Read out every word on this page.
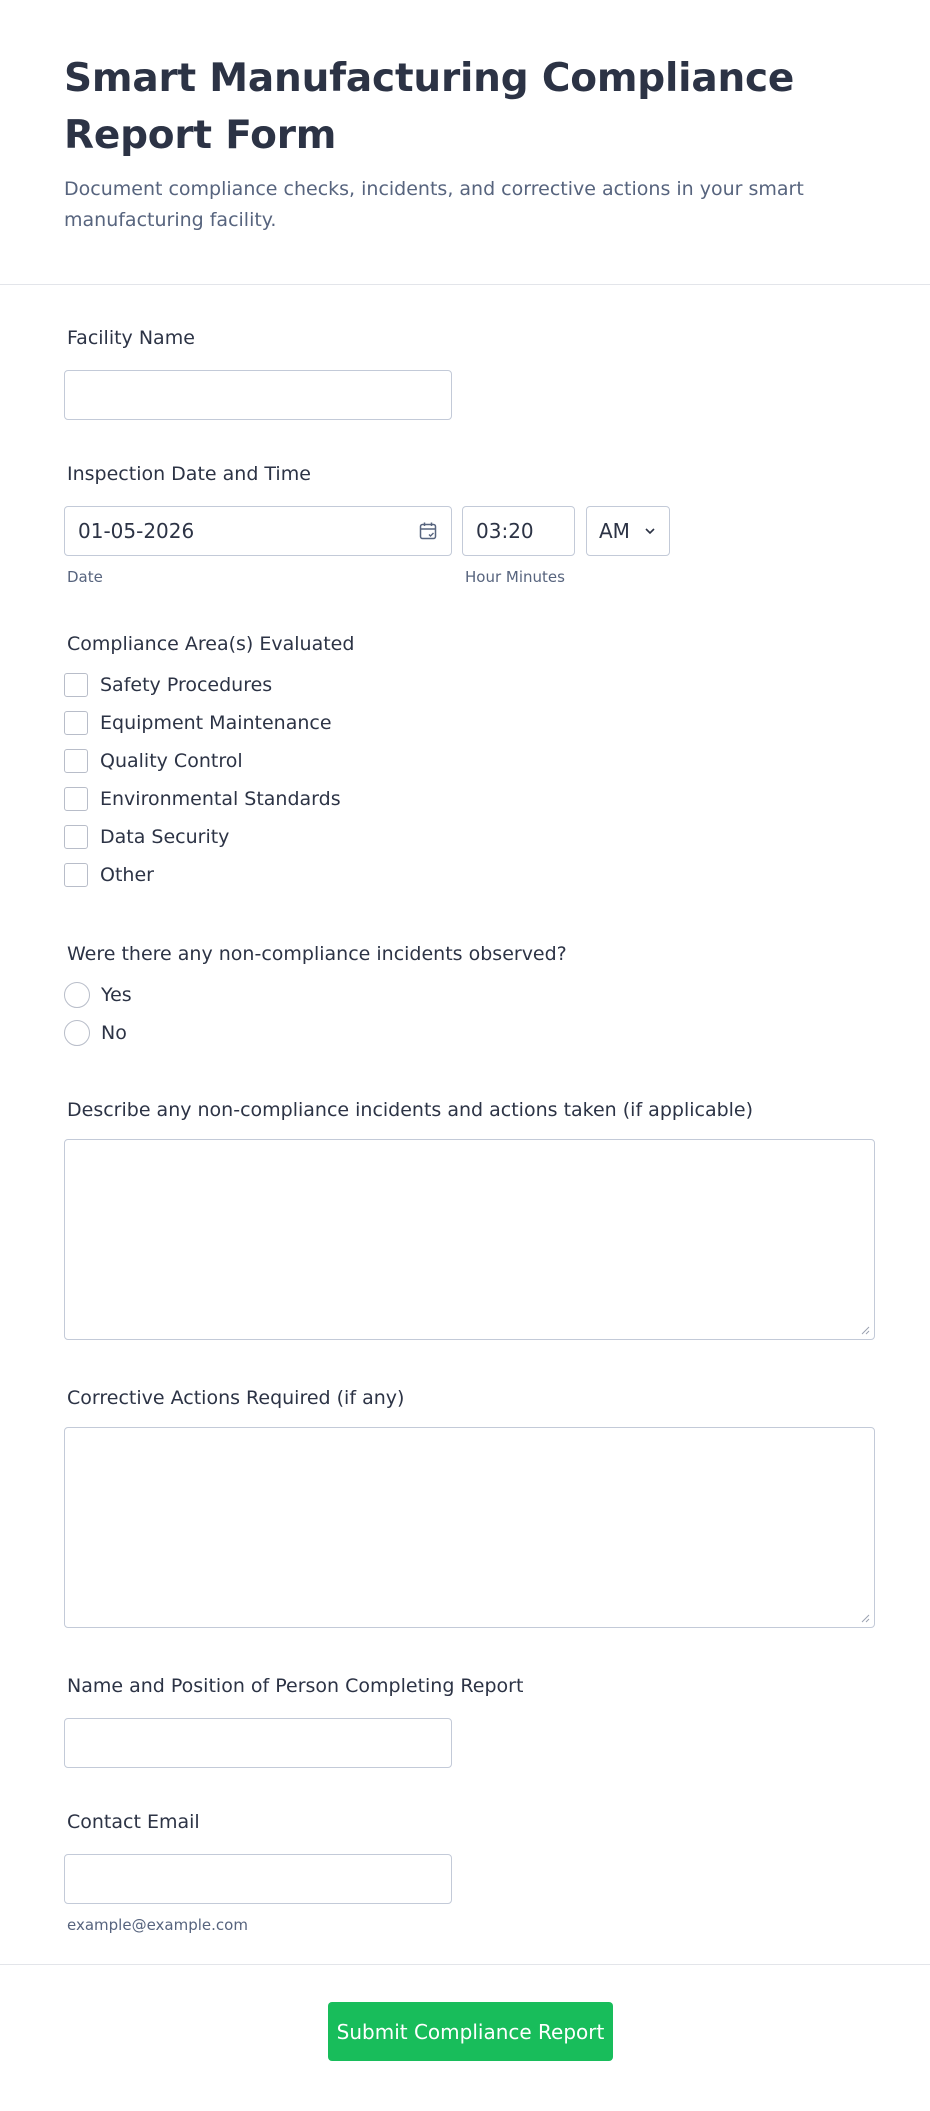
Smart Manufacturing Compliance Report Form

Document compliance checks, incidents, and corrective actions in your smart manufacturing facility.

Facility Name
Inspection Date and Time
01-05-2026	03:20	AM
Date	Hour Minutes
Compliance Area(s) Evaluated
Safety Procedures
Equipment Maintenance
Quality Control
Environmental Standards
Data Security
Other
Were there any non-compliance incidents observed?
Yes
No
Describe any non-compliance incidents and actions taken (if applicable)
Corrective Actions Required (if any)
Name and Position of Person Completing Report
Contact Email
example@example.com
Submit Compliance Report
